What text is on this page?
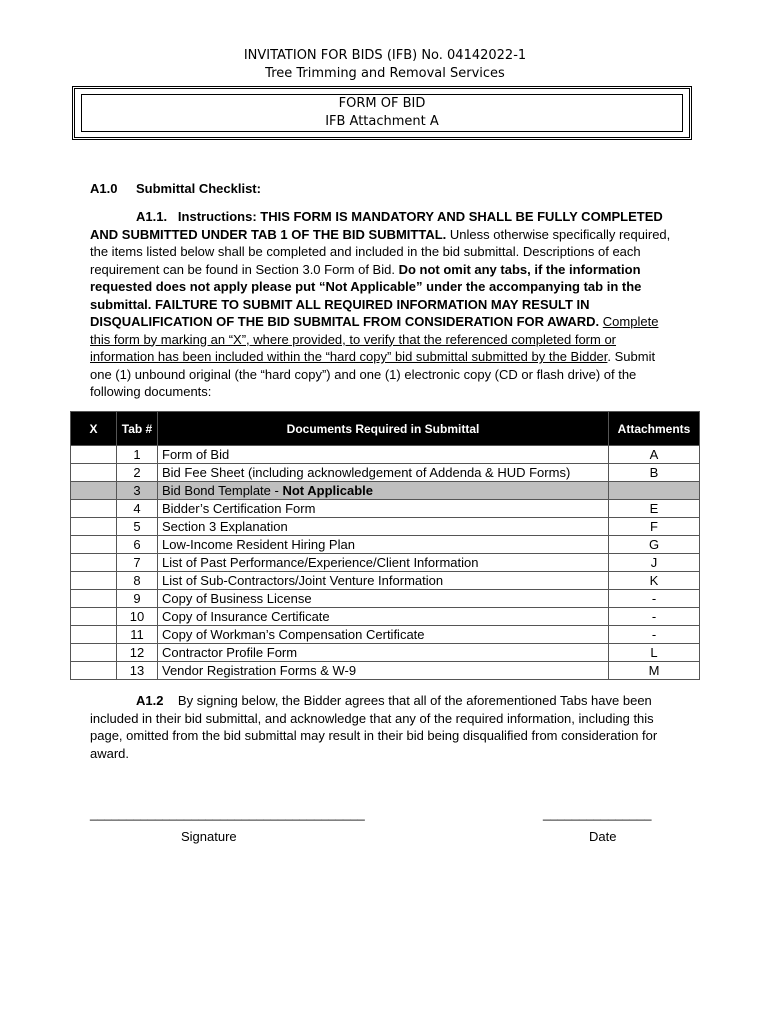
INVITATION FOR BIDS (IFB) No. 04142022-1
Tree Trimming and Removal Services
FORM OF BID
IFB Attachment A
A1.0 Submittal Checklist:
A1.1. Instructions: THIS FORM IS MANDATORY AND SHALL BE FULLY COMPLETED AND SUBMITTED UNDER TAB 1 OF THE BID SUBMITTAL. Unless otherwise specifically required, the items listed below shall be completed and included in the bid submittal. Descriptions of each requirement can be found in Section 3.0 Form of Bid. Do not omit any tabs, if the information requested does not apply please put “Not Applicable” under the accompanying tab in the submittal. FAILTURE TO SUBMIT ALL REQUIRED INFORMATION MAY RESULT IN DISQUALIFICATION OF THE BID SUBMITAL FROM CONSIDERATION FOR AWARD. Complete this form by marking an “X”, where provided, to verify that the referenced completed form or information has been included within the “hard copy” bid submittal submitted by the Bidder. Submit one (1) unbound original (the “hard copy”) and one (1) electronic copy (CD or flash drive) of the following documents:
X	Tab #	Documents Required in Submittal	Attachments
	1	Form of Bid	A
	2	Bid Fee Sheet (including acknowledgement of Addenda & HUD Forms)	B
	3	Bid Bond Template - Not Applicable	
	4	Bidder’s Certification Form	E
	5	Section 3 Explanation	F
	6	Low-Income Resident Hiring Plan	G
	7	List of Past Performance/Experience/Client Information	J
	8	List of Sub-Contractors/Joint Venture Information	K
	9	Copy of Business License	-
	10	Copy of Insurance Certificate	-
	11	Copy of Workman’s Compensation Certificate	-
	12	Contractor Profile Form	L
	13	Vendor Registration Forms & W-9	M
A1.2 By signing below, the Bidder agrees that all of the aforementioned Tabs have been included in their bid submittal, and acknowledge that any of the required information, including this page, omitted from the bid submittal may result in their bid being disqualified from consideration for award.
______________________________________	_______________
Signature	Date
